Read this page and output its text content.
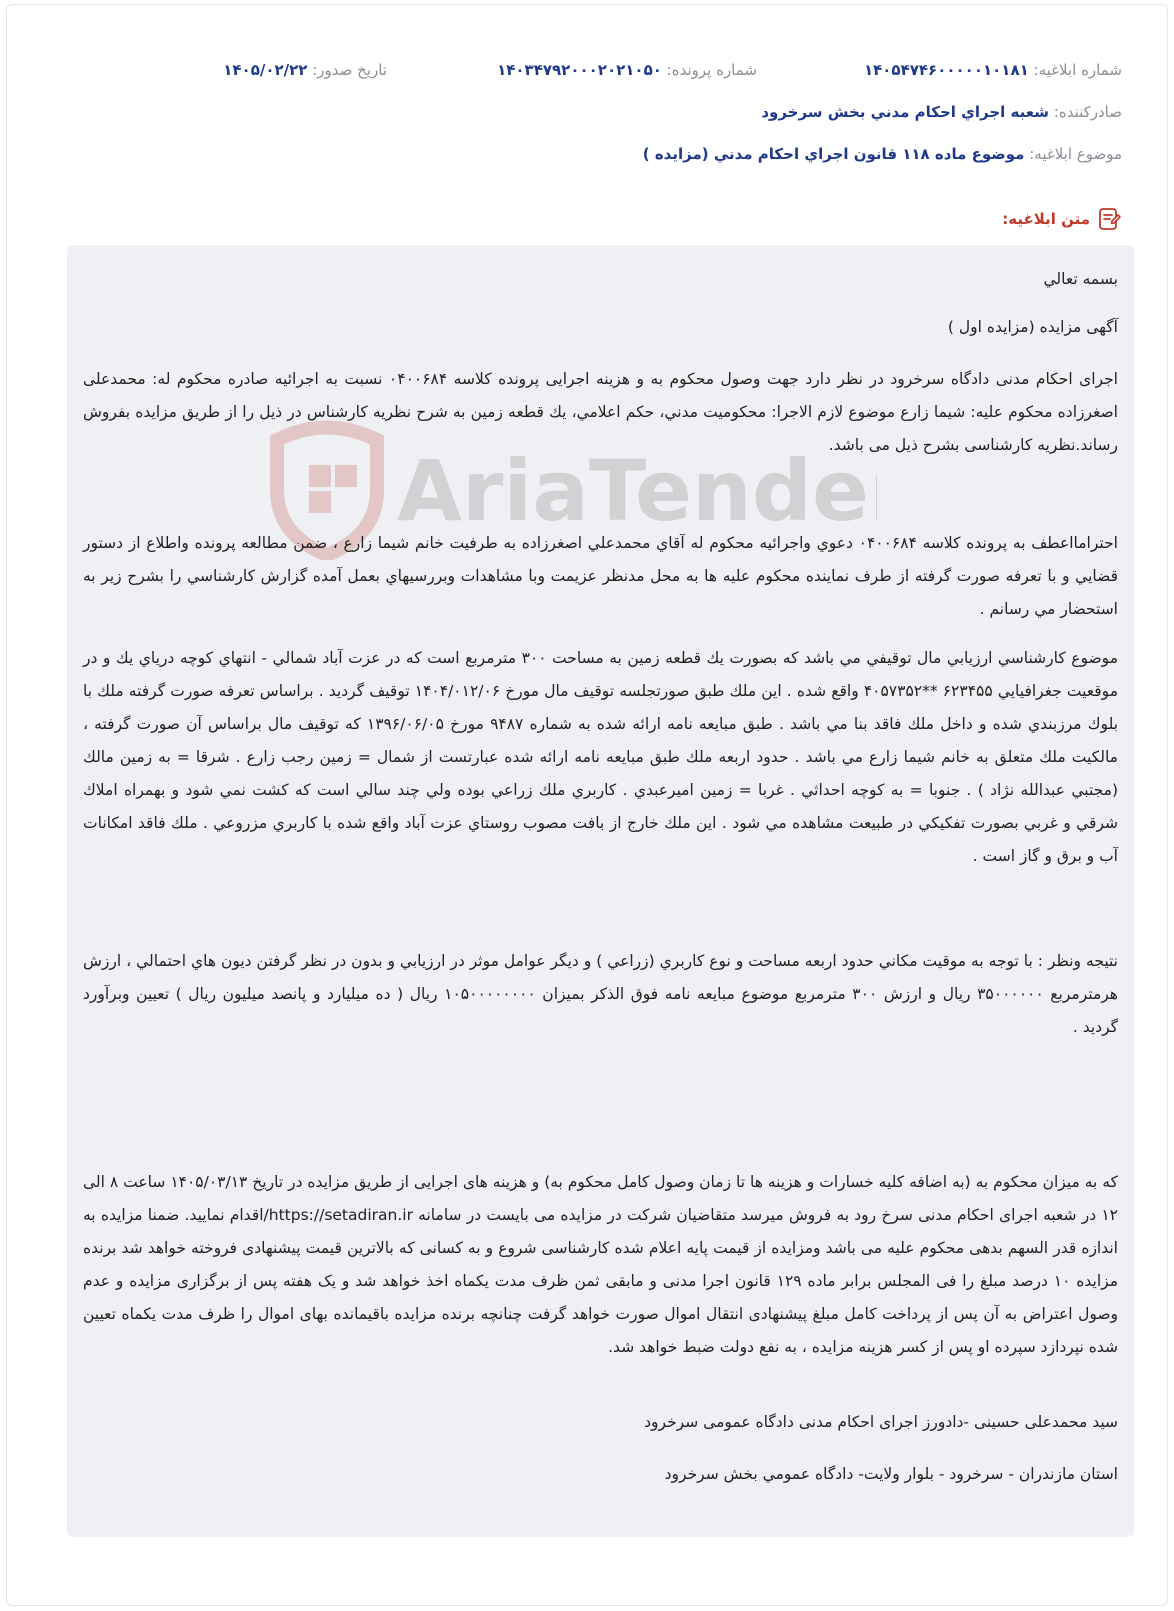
شماره ابلاغيه: ۱۴۰۵۴۷۴۶۰۰۰۰۰۱۰۱۸۱
شماره پرونده: ۱۴۰۳۴۷۹۲۰۰۰۲۰۲۱۰۵۰
تاريخ صدور: ۱۴۰۵/۰۲/۲۲
صادرکننده: شعبه اجراي احكام مدني بخش سرخرود
موضوع ابلاغيه: موضوع ماده ۱۱۸ قانون اجراي احكام مدني (مزايده )
متن ابلاغيه:
AriaTende
بسمه تعالي
آگهی مزایده (مزایده اول )
اجرای احکام مدنی دادگاه سرخرود در نظر دارد جهت وصول محکوم به و هزینه اجرایی پرونده کلاسه ۰۴۰۰۶۸۴ نسبت به اجرائیه صادره محکوم له: محمدعلی اصغرزاده محکوم علیه: شیما زارع موضوع لازم الاجرا: محکوميت مدني، حکم اعلامي، يك قطعه زمين به شرح نظریه کارشناس در ذیل را از طریق مزایده بفروش رساند.نظریه کارشناسی بشرح ذیل می باشد.
احترامااعطف به پرونده كلاسه ۰۴۰۰۶۸۴ دعوي واجرائيه محكوم له آقاي محمدعلي اصغرزاده به طرفيت خانم شيما زارع ، ضمن مطالعه پرونده واطلاع از دستور قضايي و با تعرفه صورت گرفته از طرف نماينده محكوم عليه ها به محل مدنظر عزيمت وبا مشاهدات وبررسيهاي بعمل آمده گزارش كارشناسي را بشرح زير به استحضار مي رسانم .
موضوع كارشناسي ارزيابي مال توقيفي مي باشد كه بصورت يك قطعه زمين به مساحت ۳۰۰ مترمربع است كه در عزت آباد شمالي - انتهاي كوچه درياي يك و در موقعيت جغرافيايي ۶۲۳۴۵۵ **۴۰۵۷۳۵۲ واقع شده . اين ملك طبق صورتجلسه توقيف مال مورخ ۱۴۰۴/۰۱۲/۰۶ توقيف گرديد . براساس تعرفه صورت گرفته ملك با بلوك مرزبندي شده و داخل ملك فاقد بنا مي باشد . طبق مبايعه نامه ارائه شده به شماره ۹۴۸۷ مورخ ۱۳۹۶/۰۶/۰۵ كه توقيف مال براساس آن صورت گرفته ، مالكيت ملك متعلق به خانم شيما زارع مي باشد . حدود اربعه ملك طبق مبايعه نامه ارائه شده عبارتست از شمال = زمين رجب زارع . شرقا = به زمين مالك (مجتبي عبدالله نژاد ) . جنوبا = به كوچه احداثي . غربا = زمين اميرعبدي . كاربري ملك زراعي بوده ولي چند سالي است كه كشت نمي شود و بهمراه املاك شرقي و غربي بصورت تفكيكي در طبيعت مشاهده مي شود . اين ملك خارج از بافت مصوب روستاي عزت آباد واقع شده با كاربري مزروعي . ملك فاقد امكانات آب و برق و گاز است .
نتيجه ونظر : با توجه به موقيت مكاني حدود اربعه مساحت و نوع كاربري (زراعي ) و ديگر عوامل موثر در ارزيابي و بدون در نظر گرفتن ديون هاي احتمالي ، ارزش هرمترمربع ۳۵۰۰۰۰۰۰ ريال و ارزش ۳۰۰ مترمربع موضوع مبايعه نامه فوق الذكر بميزان ۱۰۵۰۰۰۰۰۰۰۰ ريال ( ده ميليارد و پانصد ميليون ريال ) تعيين وبرآورد گرديد .
که به میزان محکوم به (به اضافه کلیه خسارات و هزینه ها تا زمان وصول کامل محکوم به) و هزینه های اجرایی از طریق مزایده در تاریخ ۱۴۰۵/۰۳/۱۳ ساعت ۸ الی ۱۲ در شعبه اجرای احکام مدنی سرخ رود به فروش میرسد متقاضیان شرکت در مزایده می بایست در سامانه https://setadiran.ir/اقدام نمایید. ضمنا مزایده به اندازه قدر السهم بدهی محکوم علیه می باشد ومزایده از قیمت پایه اعلام شده کارشناسی شروع و به کسانی که بالاترین قیمت پیشنهادی فروخته خواهد شد برنده مزایده ۱۰ درصد مبلغ را فی المجلس برابر ماده ۱۲۹ قانون اجرا مدنی و مابقی ثمن ظرف مدت یکماه اخذ خواهد شد و یک هفته پس از برگزاری مزایده و عدم وصول اعتراض به آن پس از پرداخت کامل مبلغ پیشنهادی انتقال اموال صورت خواهد گرفت چنانچه برنده مزایده باقیمانده بهای اموال را ظرف مدت یکماه تعیین شده نپردازد سپرده او پس از کسر هزینه مزایده ، به نفع دولت ضبط خواهد شد.
سید محمدعلی حسینی -دادورز اجرای احکام مدنی دادگاه عمومی سرخرود
استان مازندران - سرخرود - بلوار ولايت- دادگاه عمومي بخش سرخرود
